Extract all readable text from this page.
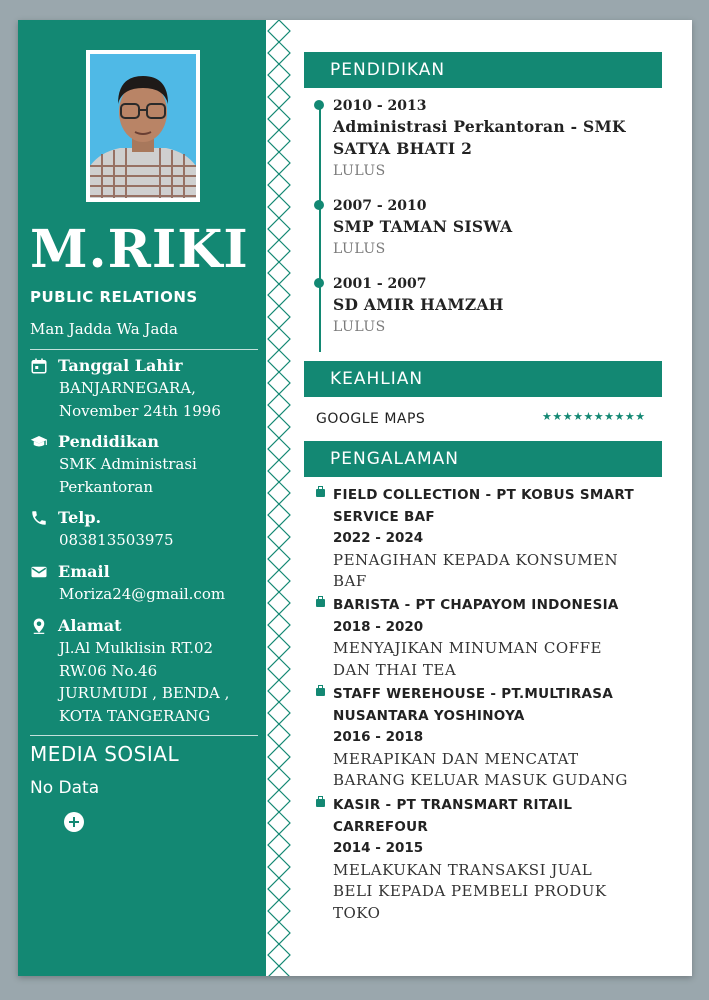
M.RIKI
PUBLIC RELATIONS
Man Jadda Wa Jada
Tanggal Lahir
BANJARNEGARA,
November 24th 1996
Pendidikan
SMK Administrasi
Perkantoran
Telp.
083813503975
Email
Moriza24@gmail.com
Alamat
Jl.Al Mulklisin RT.02
RW.06 No.46
JURUMUDI , BENDA ,
KOTA TANGERANG
MEDIA SOSIAL
No Data
PENDIDIKAN
2010 - 2013
Administrasi Perkantoran - SMK
SATYA BHATI 2
LULUS
2007 - 2010
SMP TAMAN SISWA
LULUS
2001 - 2007
SD AMIR HAMZAH
LULUS
KEAHLIAN
GOOGLE MAPS	★★★★★★★★★★
PENGALAMAN
FIELD COLLECTION - PT KOBUS SMART
SERVICE BAF
2022 - 2024
PENAGIHAN KEPADA KONSUMEN
BAF
BARISTA - PT CHAPAYOM INDONESIA
2018 - 2020
MENYAJIKAN MINUMAN COFFE
DAN THAI TEA
STAFF WEREHOUSE - PT.MULTIRASA
NUSANTARA YOSHINOYA
2016 - 2018
MERAPIKAN DAN MENCATAT
BARANG KELUAR MASUK GUDANG
KASIR - PT TRANSMART RITAIL
CARREFOUR
2014 - 2015
MELAKUKAN TRANSAKSI JUAL
BELI KEPADA PEMBELI PRODUK
TOKO
